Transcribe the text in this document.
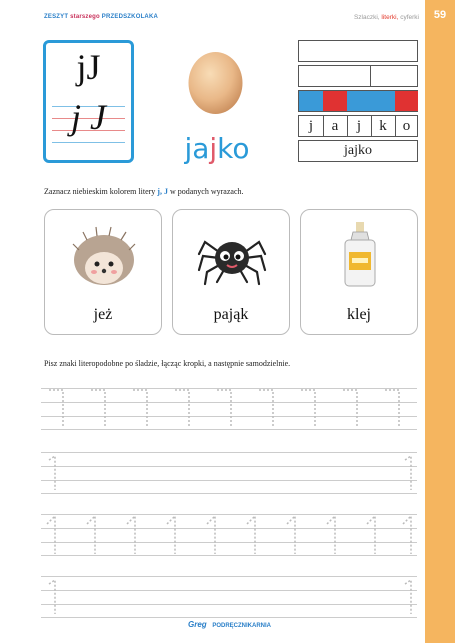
59
ZESZYT starszego PRZEDSZKOLAKA	Szlaczki, literki, cyferki
jJ
j J
jajko
j	a	j	k	o
jajko
Zaznacz niebieskim kolorem litery j, J w podanych wyrazach.
jeż	pająk	klej
Pisz znaki literopodobne po śladzie, łącząc kropki, a następnie samodzielnie.
Greg PODRĘCZNIKARNIA
